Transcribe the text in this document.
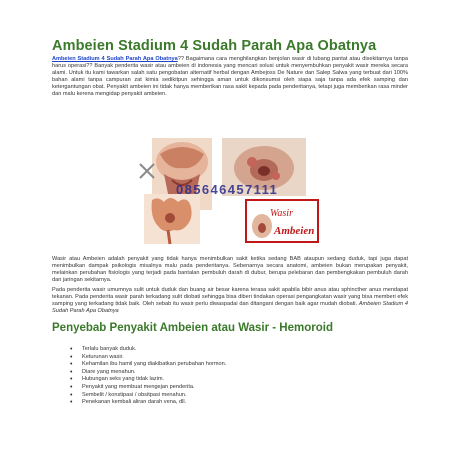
Ambeien Stadium 4 Sudah Parah Apa Obatnya
Ambeien Stadium 4 Sudah Parah Apa Obatnya?? Bagaimana cara menghilangkan benjolan wasir di lubang pantat atau disekitarnya tanpa harus operasi?? Banyak penderita wasir atau ambeien di indonesia yang mencari solusi untuk menyembuhkan penyakit wasir mereka secara alami. Untuk itu kami tawarkan salah satu pengobatan alternatif herbal dengan Ambejoss De Nature dan Salep Salwa yang terbuat dari 100% bahan alami tanpa campuran zat kimia sedikitpun sehingga aman untuk dikonsumsi oleh siapa saja tanpa ada efek samping dan ketergantungan obat. Penyakit ambeien ini tidak hanya memberikan rasa sakit kepada pada penderitanya, tetapi juga memberikan rasa minder dan malu kerena mengidap penyakit ambeien.
Wasir
Ambeien
085646457111
Wasir atau Ambeien adalah penyakit yang tidak hanya menimbulkan sakit ketika sedang BAB ataupun sedang duduk, tapi juga dapat menimbulkan dampak psikologis misalnya malu pada penderitanya. Sebenarnya secara anatomi, ambeien bukan merupakan penyakit, melainkan perubahan fisiologis yang terjadi pada bantalan pembuluh darah di dubur, berupa pelebaran dan pembengkakan pembuluh darah dan jaringan sekitarnya.
Pada penderita wasir umumnya sulit untuk duduk dan buang air besar karena terasa sakit apabila bibir anus atau sphincther anus mendapat tekanan. Pada penderita wasir parah terkadang sulit diobati sehingga bisa diberi tindakan operasi pengangkatan wasir yang bisa memberi efek samping yang terkadang tidak baik. Oleh sebab itu wasir perlu diwaspadai dan ditangani dengan baik agar mudah diobati. Ambeien Stadium 4 Sudah Parah Apa Obatnya
Penyebab Penyakit Ambeien atau Wasir - Hemoroid
• Terlalu banyak duduk.
• Keturunan wasir.
• Kehamilan ibu hamil yang diakibatkan perubahan hormon.
• Diare yang menahun.
• Hubungan seks yang tidak lazim.
• Penyakit yang membuat mengejan penderita.
• Sembelit / konstipasi / obsitpasi menahun.
• Penekanan kembali aliran darah vena, dll.
